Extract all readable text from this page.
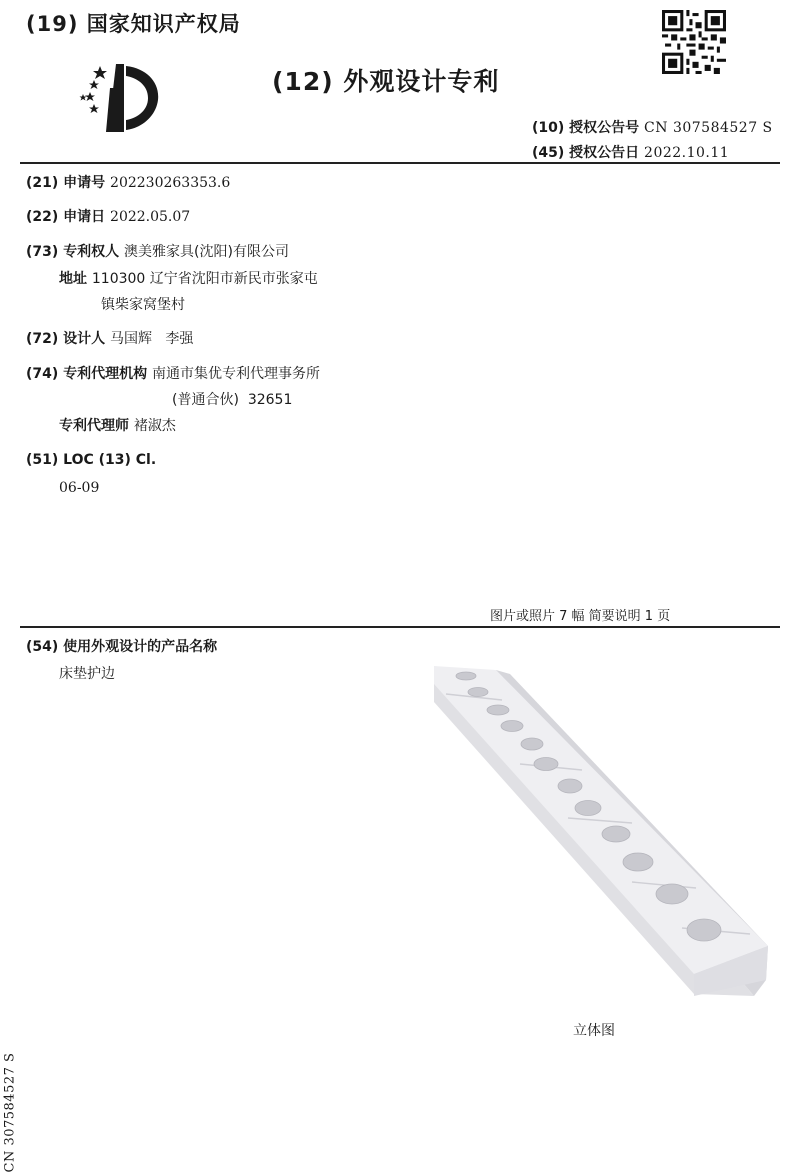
(19) 国家知识产权局
(12) 外观设计专利
(10) 授权公告号 CN 307584527 S
(45) 授权公告日 2022.10.11
(21) 申请号 202230263353.6
(22) 申请日 2022.05.07
(73) 专利权人 澳美雅家具(沈阳)有限公司
地址 110300 辽宁省沈阳市新民市张家屯
镇柴家窝堡村
(72) 设计人 马国辉   李强
(74) 专利代理机构 南通市集优专利代理事务所
(普通合伙)  32651
专利代理师 褚淑杰
(51) LOC (13) Cl.
06-09
图片或照片 7 幅 简要说明 1 页
(54) 使用外观设计的产品名称
床垫护边
立体图
CN 307584527 S
